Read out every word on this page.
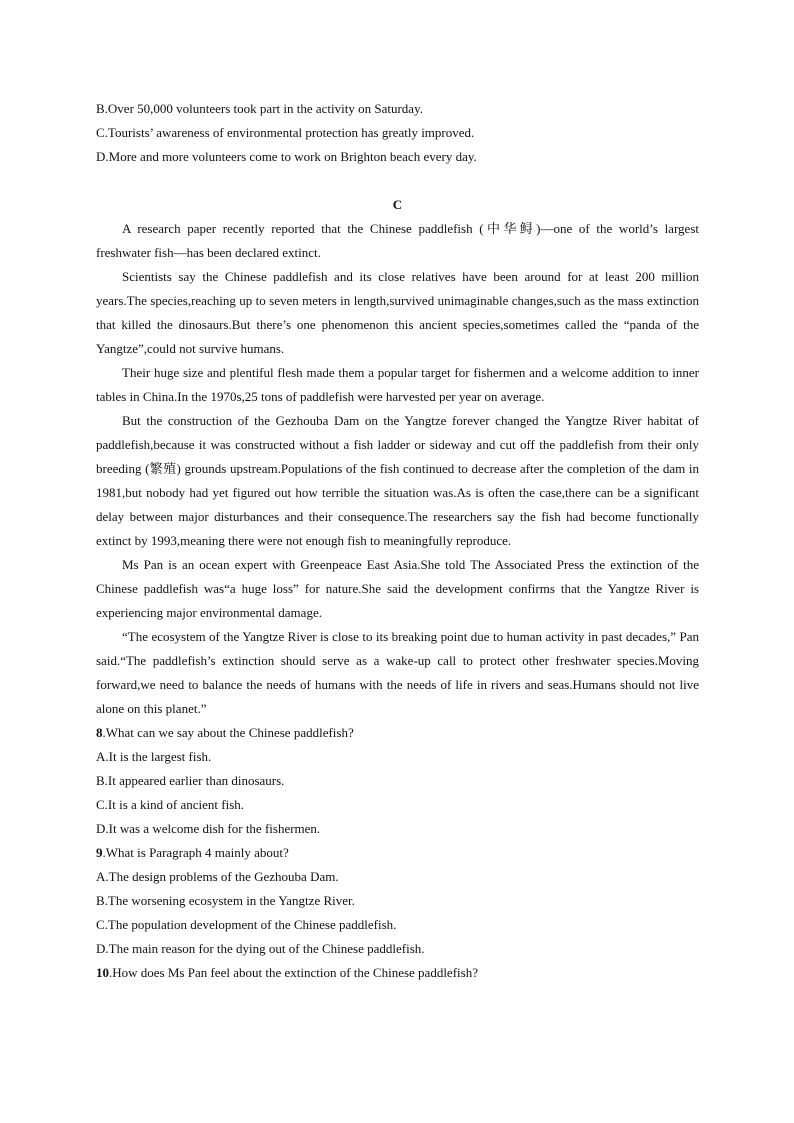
B.Over 50,000 volunteers took part in the activity on Saturday.

C.Tourists’ awareness of environmental protection has greatly improved.

D.More and more volunteers come to work on Brighton beach every day.

C

A research paper recently reported that the Chinese paddlefish (中华鲟)—one of the world’s largest freshwater fish—has been declared extinct.

Scientists say the Chinese paddlefish and its close relatives have been around for at least 200 million years.The species,reaching up to seven meters in length,survived unimaginable changes,such as the mass extinction that killed the dinosaurs.But there’s one phenomenon this ancient species,sometimes called the “panda of the Yangtze”,could not survive humans.

Their huge size and plentiful flesh made them a popular target for fishermen and a welcome addition to inner tables in China.In the 1970s,25 tons of paddlefish were harvested per year on average.

But the construction of the Gezhouba Dam on the Yangtze forever changed the Yangtze River habitat of paddlefish,because it was constructed without a fish ladder or sideway and cut off the paddlefish from their only breeding (繁殖) grounds upstream.Populations of the fish continued to decrease after the completion of the dam in 1981,but nobody had yet figured out how terrible the situation was.As is often the case,there can be a significant delay between major disturbances and their consequence.The researchers say the fish had become functionally extinct by 1993,meaning there were not enough fish to meaningfully reproduce.

Ms Pan is an ocean expert with Greenpeace East Asia.She told The Associated Press the extinction of the Chinese paddlefish was“a huge loss” for nature.She said the development confirms that the Yangtze River is experiencing major environmental damage.

“The ecosystem of the Yangtze River is close to its breaking point due to human activity in past decades,” Pan said.“The paddlefish’s extinction should serve as a wake-up call to protect other freshwater species.Moving forward,we need to balance the needs of humans with the needs of life in rivers and seas.Humans should not live alone on this planet.”

8.What can we say about the Chinese paddlefish?

A.It is the largest fish.

B.It appeared earlier than dinosaurs.

C.It is a kind of ancient fish.

D.It was a welcome dish for the fishermen.

9.What is Paragraph 4 mainly about?

A.The design problems of the Gezhouba Dam.

B.The worsening ecosystem in the Yangtze River.

C.The population development of the Chinese paddlefish.

D.The main reason for the dying out of the Chinese paddlefish.

10.How does Ms Pan feel about the extinction of the Chinese paddlefish?
